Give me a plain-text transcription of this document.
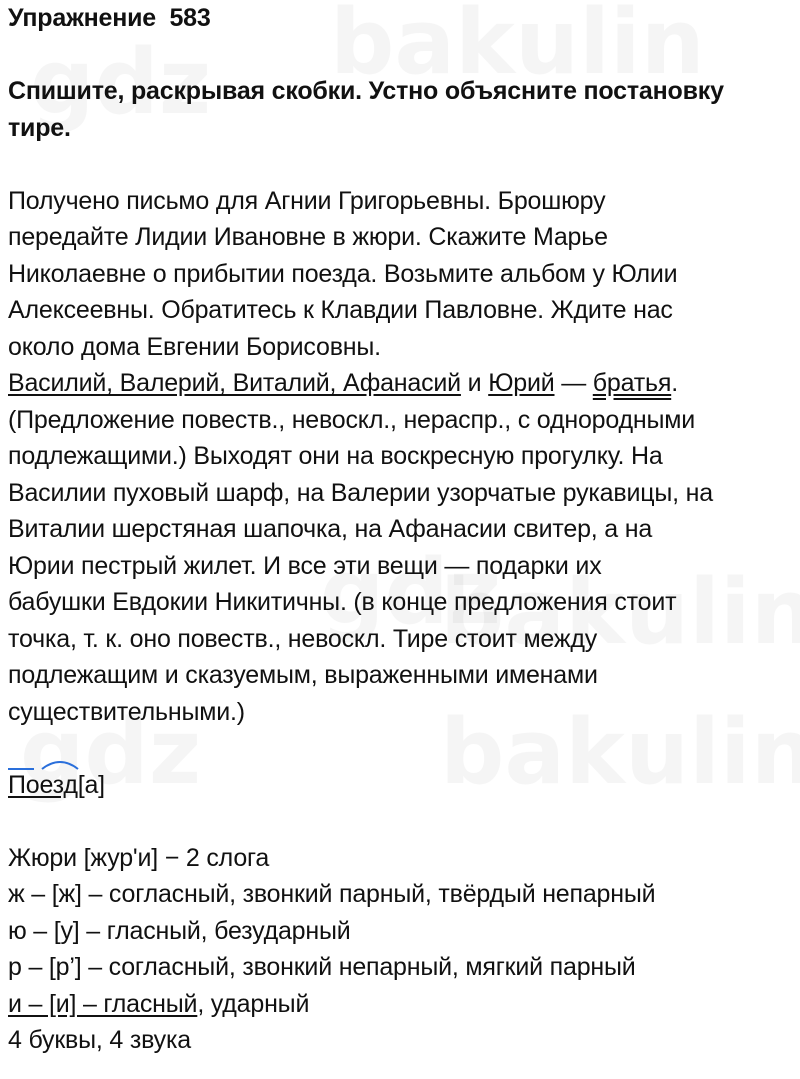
Упражнение  583
Спишите, раскрывая скобки. Устно объясните постановку
тире.
Получено письмо для Агнии Григорьевны. Брошюру
передайте Лидии Ивановне в жюри. Скажите Марье
Николаевне о прибытии поезда. Возьмите альбом у Юлии
Алексеевны. Обратитесь к Клавдии Павловне. Ждите нас
около дома Евгении Борисовны.
Василий, Валерий, Виталий, Афанасий и Юрий — братья.
(Предложение повеств., невоскл., нераспр., с однородными
подлежащими.) Выходят они на воскресную прогулку. На
Василии пуховый шарф, на Валерии узорчатые рукавицы, на
Виталии шерстяная шапочка, на Афанасии свитер, а на
Юрии пестрый жилет. И все эти вещи — подарки их
бабушки Евдокии Никитичны. (в конце предложения стоит
точка, т. к. оно повеств., невоскл. Тире стоит между
подлежащим и сказуемым, выраженными именами
существительными.)
Поезд[а]
Жюри [жур'и] − 2 слога
ж – [ж] – согласный, звонкий парный, твёрдый непарный
ю – [у] – гласный, безударный
р – [р’] – согласный, звонкий непарный, мягкий парный
и – [и] – гласный, ударный
4 буквы, 4 звука
